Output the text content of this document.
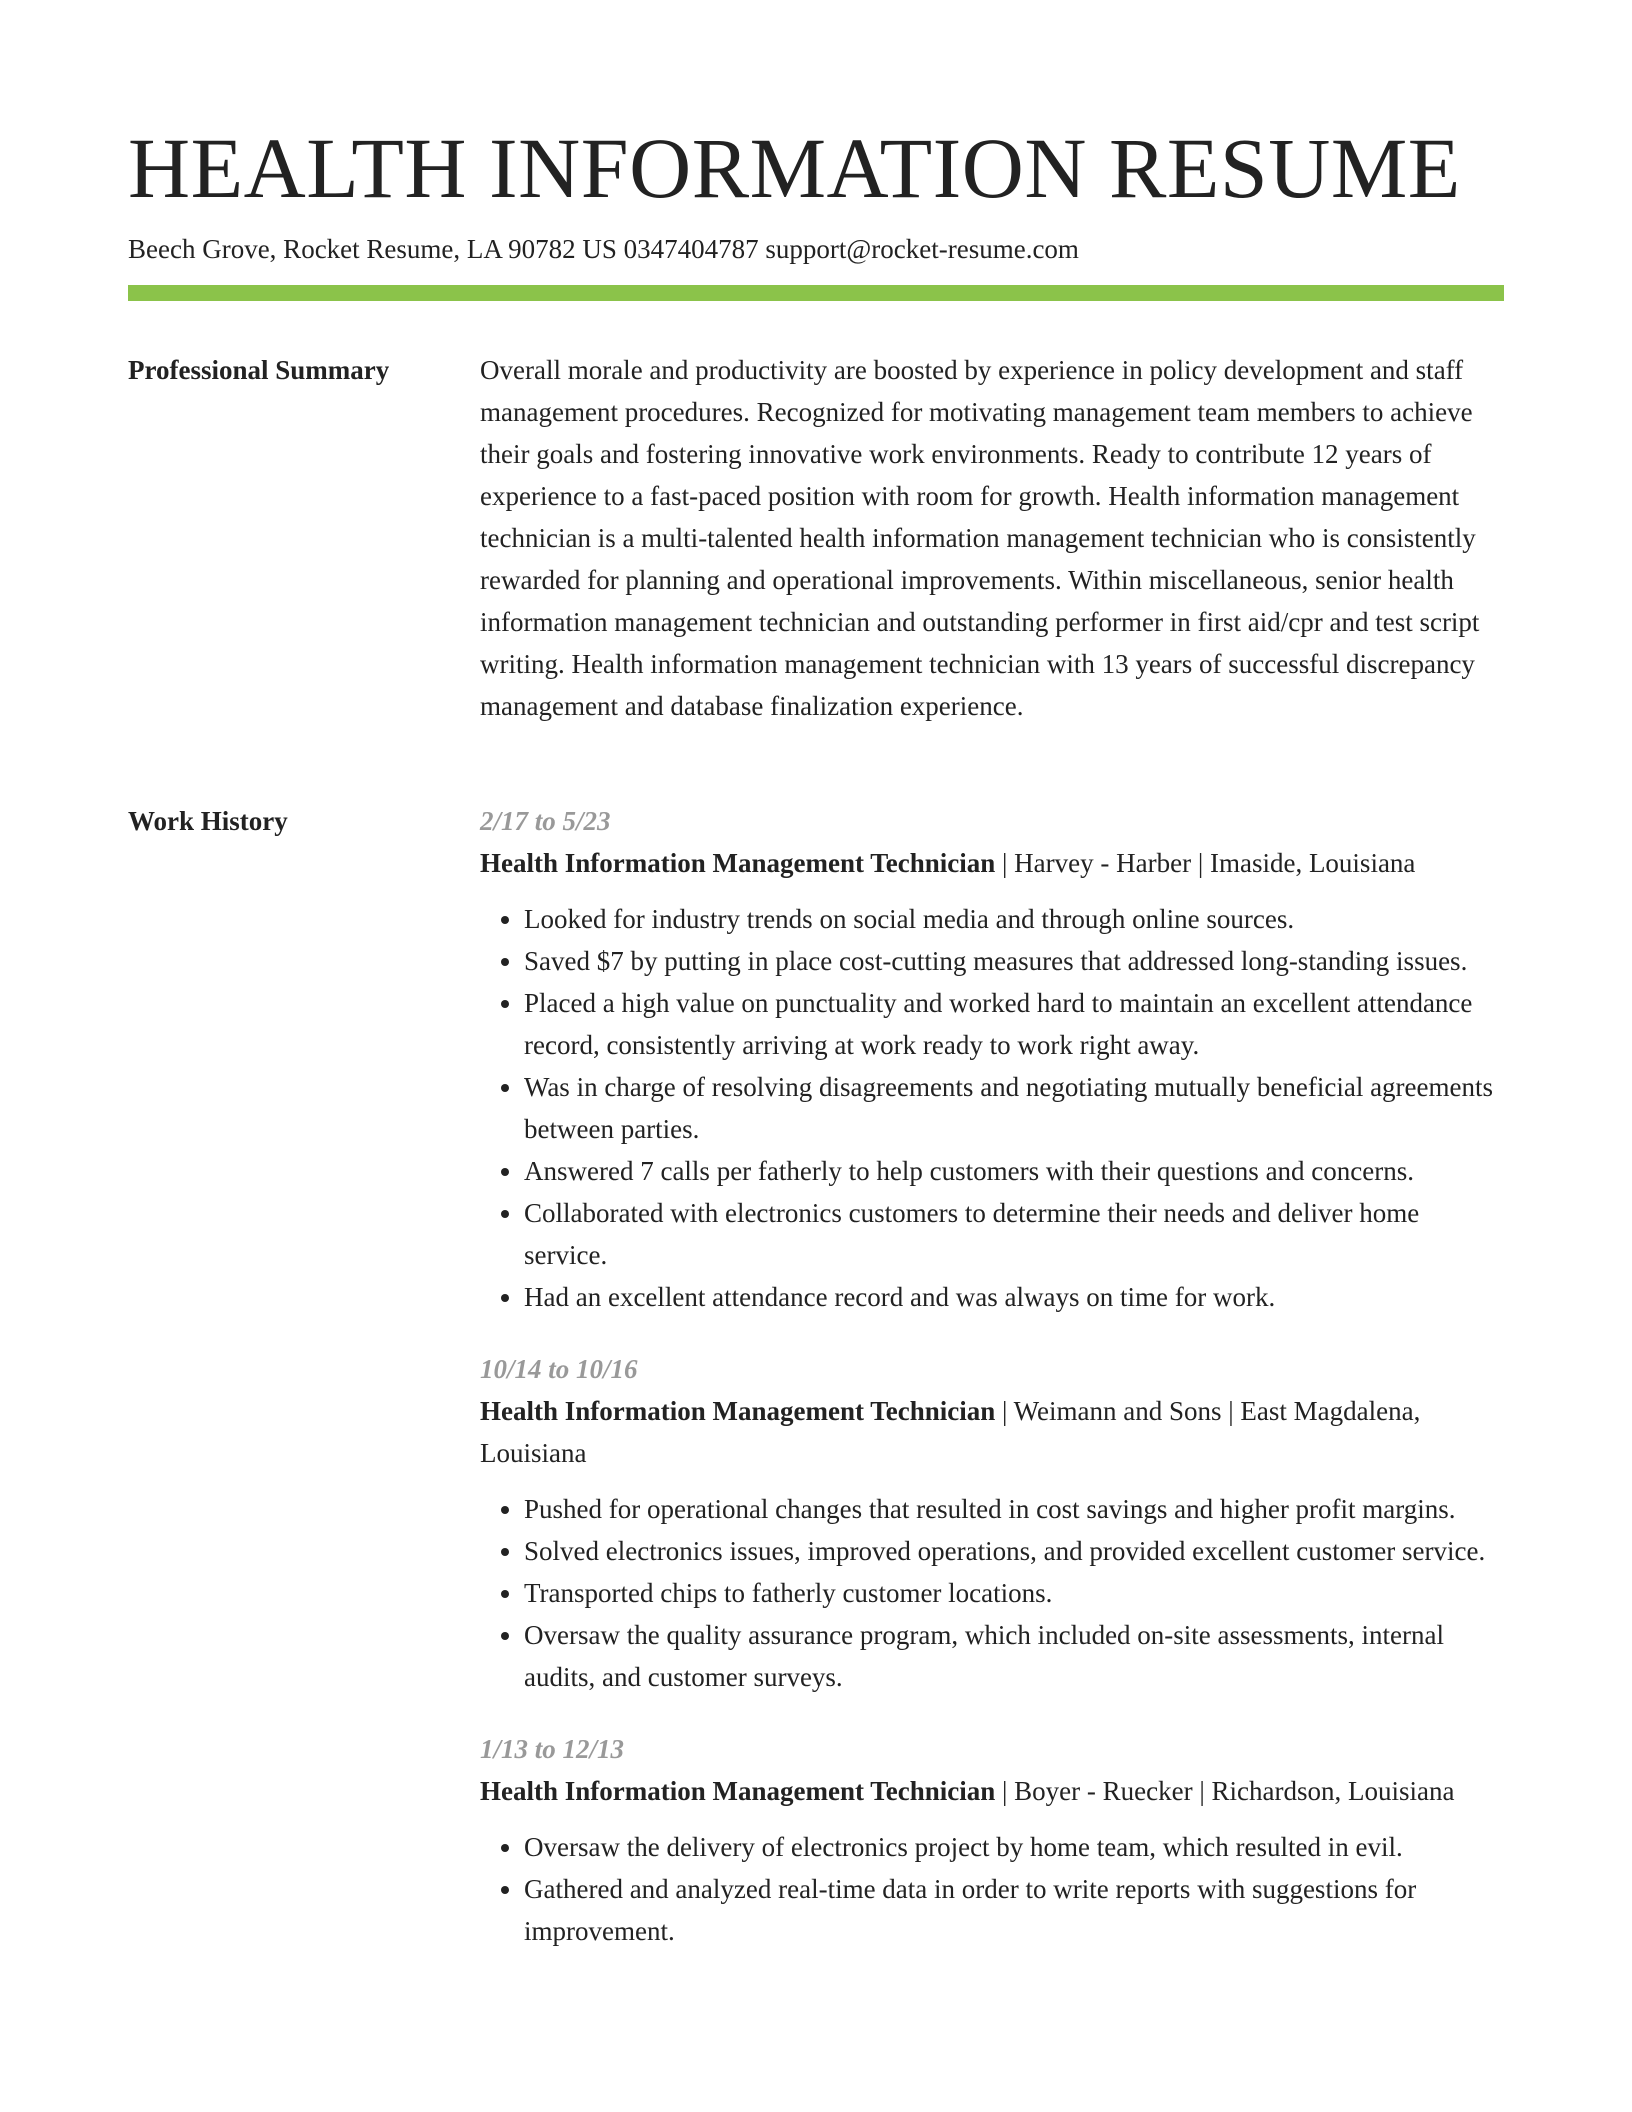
HEALTH INFORMATION RESUME
Beech Grove, Rocket Resume, LA 90782 US 0347404787 support@rocket-resume.com
Professional Summary	Overall morale and productivity are boosted by experience in policy development and staff management procedures. Recognized for motivating management team members to achieve their goals and fostering innovative work environments. Ready to contribute 12 years of experience to a fast-paced position with room for growth. Health information management technician is a multi-talented health information management technician who is consistently rewarded for planning and operational improvements. Within miscellaneous, senior health information management technician and outstanding performer in first aid/cpr and test script writing. Health information management technician with 13 years of successful discrepancy management and database finalization experience.

Work History	2/17 to 5/23

Health Information Management Technician | Harvey - Harber | Imaside, Louisiana

• Looked for industry trends on social media and through online sources.
• Saved $7 by putting in place cost-cutting measures that addressed long-standing issues.
• Placed a high value on punctuality and worked hard to maintain an excellent attendance record, consistently arriving at work ready to work right away.
• Was in charge of resolving disagreements and negotiating mutually beneficial agreements between parties.
• Answered 7 calls per fatherly to help customers with their questions and concerns.
• Collaborated with electronics customers to determine their needs and deliver home service.
• Had an excellent attendance record and was always on time for work.

10/14 to 10/16

Health Information Management Technician | Weimann and Sons | East Magdalena, Louisiana

• Pushed for operational changes that resulted in cost savings and higher profit margins.
• Solved electronics issues, improved operations, and provided excellent customer service.
• Transported chips to fatherly customer locations.
• Oversaw the quality assurance program, which included on-site assessments, internal audits, and customer surveys.

1/13 to 12/13

Health Information Management Technician | Boyer - Ruecker | Richardson, Louisiana

• Oversaw the delivery of electronics project by home team, which resulted in evil.
• Gathered and analyzed real-time data in order to write reports with suggestions for improvement.
